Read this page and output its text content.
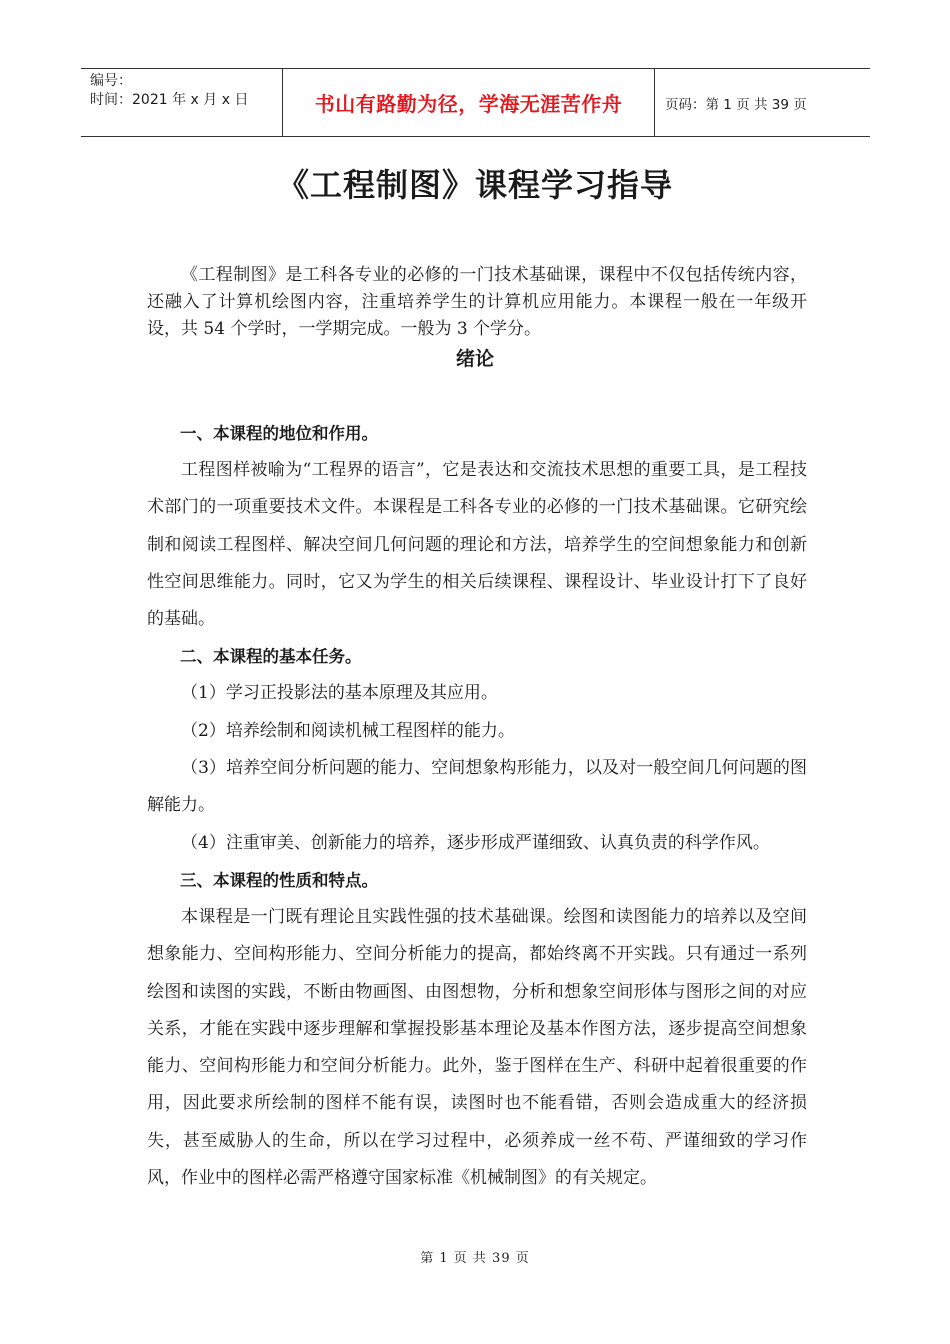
编号：
时间：2021 年 x 月 x 日	书山有路勤为径，学海无涯苦作舟	页码：第 1 页 共 39 页
《工程制图》课程学习指导

《工程制图》是工科各专业的必修的一门技术基础课，课程中不仅包括传统内容，还融入了计算机绘图内容，注重培养学生的计算机应用能力。本课程一般在一年级开设，共 54 个学时，一学期完成。一般为 3 个学分。

绪论

一、本课程的地位和作用。

工程图样被喻为“工程界的语言”，它是表达和交流技术思想的重要工具，是工程技术部门的一项重要技术文件。本课程是工科各专业的必修的一门技术基础课。它研究绘制和阅读工程图样、解决空间几何问题的理论和方法，培养学生的空间想象能力和创新性空间思维能力。同时，它又为学生的相关后续课程、课程设计、毕业设计打下了良好的基础。

二、本课程的基本任务。

（1）学习正投影法的基本原理及其应用。

（2）培养绘制和阅读机械工程图样的能力。

（3）培养空间分析问题的能力、空间想象构形能力，以及对一般空间几何问题的图解能力。

（4）注重审美、创新能力的培养，逐步形成严谨细致、认真负责的科学作风。

三、本课程的性质和特点。

本课程是一门既有理论且实践性强的技术基础课。绘图和读图能力的培养以及空间想象能力、空间构形能力、空间分析能力的提高，都始终离不开实践。只有通过一系列绘图和读图的实践，不断由物画图、由图想物，分析和想象空间形体与图形之间的对应关系，才能在实践中逐步理解和掌握投影基本理论及基本作图方法，逐步提高空间想象能力、空间构形能力和空间分析能力。此外，鉴于图样在生产、科研中起着很重要的作用，因此要求所绘制的图样不能有误，读图时也不能看错，否则会造成重大的经济损失，甚至威胁人的生命，所以在学习过程中，必须养成一丝不苟、严谨细致的学习作风，作业中的图样必需严格遵守国家标准《机械制图》的有关规定。

第 1 页 共 39 页
